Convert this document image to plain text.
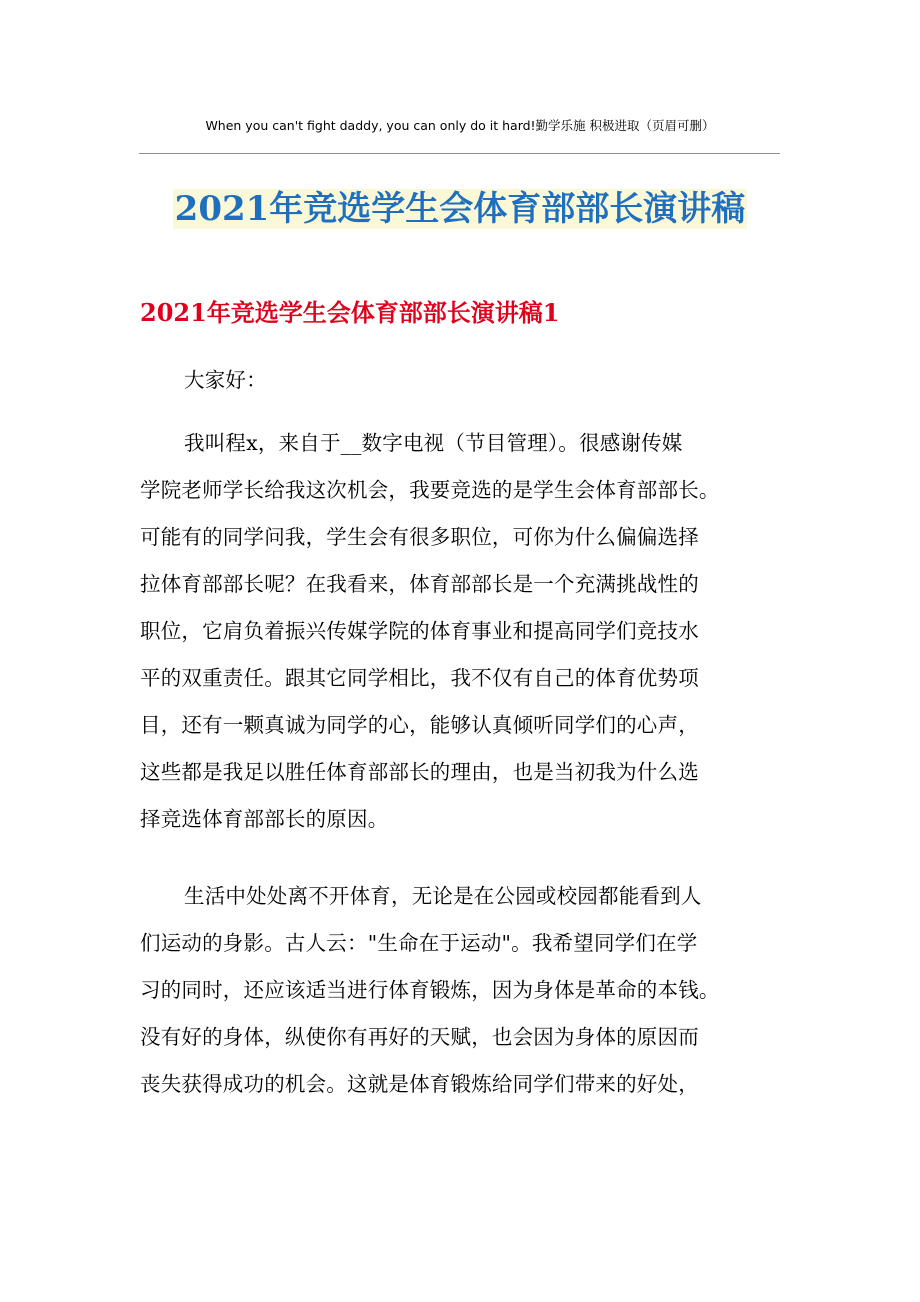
When you can't fight daddy, you can only do it hard!勤学乐施 积极进取（页眉可删）
2021年竞选学生会体育部部长演讲稿
2021年竞选学生会体育部部长演讲稿1
大家好：
我叫程x，来自于__数字电视（节目管理）。很感谢传媒
学院老师学长给我这次机会，我要竞选的是学生会体育部部长。
可能有的同学问我，学生会有很多职位，可你为什么偏偏选择
拉体育部部长呢？在我看来，体育部部长是一个充满挑战性的
职位，它肩负着振兴传媒学院的体育事业和提高同学们竞技水
平的双重责任。跟其它同学相比，我不仅有自己的体育优势项
目，还有一颗真诚为同学的心，能够认真倾听同学们的心声，
这些都是我足以胜任体育部部长的理由，也是当初我为什么选
择竞选体育部部长的原因。
生活中处处离不开体育，无论是在公园或校园都能看到人
们运动的身影。古人云："生命在于运动"。我希望同学们在学
习的同时，还应该适当进行体育锻炼，因为身体是革命的本钱。
没有好的身体，纵使你有再好的天赋，也会因为身体的原因而
丧失获得成功的机会。这就是体育锻炼给同学们带来的好处，
